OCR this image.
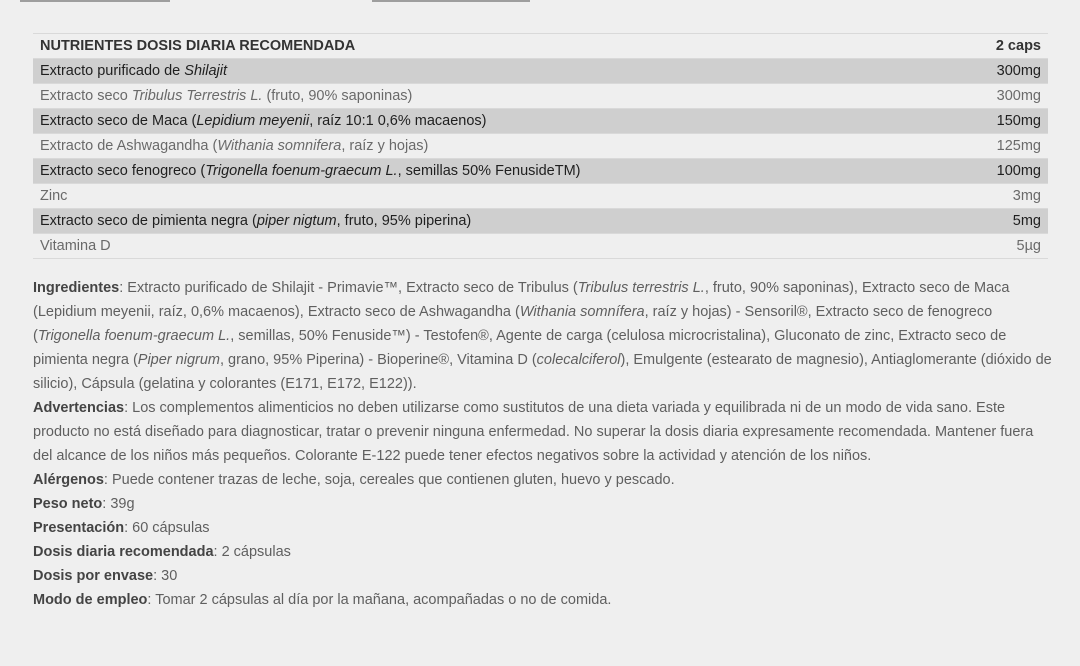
NUTRIENTES DOSIS DIARIA RECOMENDADA	2 caps
Extracto purificado de Shilajit	300mg
Extracto seco Tribulus Terrestris L. (fruto, 90% saponinas)	300mg
Extracto seco de Maca (Lepidium meyenii, raíz 10:1 0,6% macaenos)	150mg
Extracto de Ashwagandha (Withania somnifera, raíz y hojas)	125mg
Extracto seco fenogreco (Trigonella foenum-graecum L., semillas 50% FenusideTM)	100mg
Zinc	3mg
Extracto seco de pimienta negra (piper nigtum, fruto, 95% piperina)	5mg
Vitamina D	5µg

Ingredientes: Extracto purificado de Shilajit - Primavie™, Extracto seco de Tribulus (Tribulus terrestris L., fruto, 90% saponinas), Extracto seco de Maca (Lepidium meyenii, raíz, 0,6% macaenos), Extracto seco de Ashwagandha (Withania somnífera, raíz y hojas) - Sensoril®, Extracto seco de fenogreco (Trigonella foenum-graecum L., semillas, 50% Fenuside™) - Testofen®, Agente de carga (celulosa microcristalina), Gluconato de zinc, Extracto seco de pimienta negra (Piper nigrum, grano, 95% Piperina) - Bioperine®, Vitamina D (colecalciferol), Emulgente (estearato de magnesio), Antiaglomerante (dióxido de silicio), Cápsula (gelatina y colorantes (E171, E172, E122)).

Advertencias: Los complementos alimenticios no deben utilizarse como sustitutos de una dieta variada y equilibrada ni de un modo de vida sano. Este producto no está diseñado para diagnosticar, tratar o prevenir ninguna enfermedad. No superar la dosis diaria expresamente recomendada. Mantener fuera del alcance de los niños más pequeños. Colorante E-122 puede tener efectos negativos sobre la actividad y atención de los niños.

Alérgenos: Puede contener trazas de leche, soja, cereales que contienen gluten, huevo y pescado.

Peso neto: 39g

Presentación: 60 cápsulas

Dosis diaria recomendada: 2 cápsulas

Dosis por envase: 30

Modo de empleo: Tomar 2 cápsulas al día por la mañana, acompañadas o no de comida.
